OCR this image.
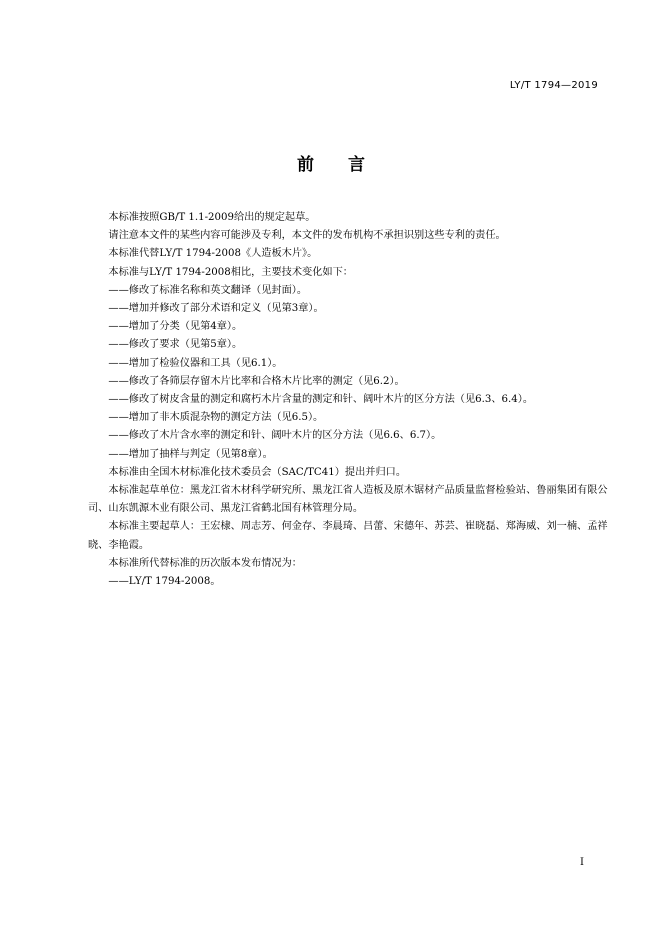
LY/T 1794—2019
前言

本标准按照GB/T 1.1-2009给出的规定起草。

请注意本文件的某些内容可能涉及专利，本文件的发布机构不承担识别这些专利的责任。

本标准代替LY/T 1794-2008《人造板木片》。

本标准与LY/T 1794-2008相比，主要技术变化如下：

——修改了标准名称和英文翻译（见封面）。

——增加并修改了部分术语和定义（见第3章）。

——增加了分类（见第4章）。

——修改了要求（见第5章）。

——增加了检验仪器和工具（见6.1）。

——修改了各筛层存留木片比率和合格木片比率的测定（见6.2）。

——修改了树皮含量的测定和腐朽木片含量的测定和针、阔叶木片的区分方法（见6.3、6.4）。

——增加了非木质混杂物的测定方法（见6.5）。

——修改了木片含水率的测定和针、阔叶木片的区分方法（见6.6、6.7）。

——增加了抽样与判定（见第8章）。

本标准由全国木材标准化技术委员会（SAC/TC41）提出并归口。

本标准起草单位：黑龙江省木材科学研究所、黑龙江省人造板及原木锯材产品质量监督检验站、鲁丽集团有限公司、山东凯源木业有限公司、黑龙江省鹤北国有林管理分局。

本标准主要起草人：王宏棣、周志芳、何金存、李晨琦、吕蕾、宋德年、苏芸、崔晓磊、郑海威、刘一楠、孟祥晓、李艳霞。

本标准所代替标准的历次版本发布情况为：

——LY/T 1794-2008。

I
